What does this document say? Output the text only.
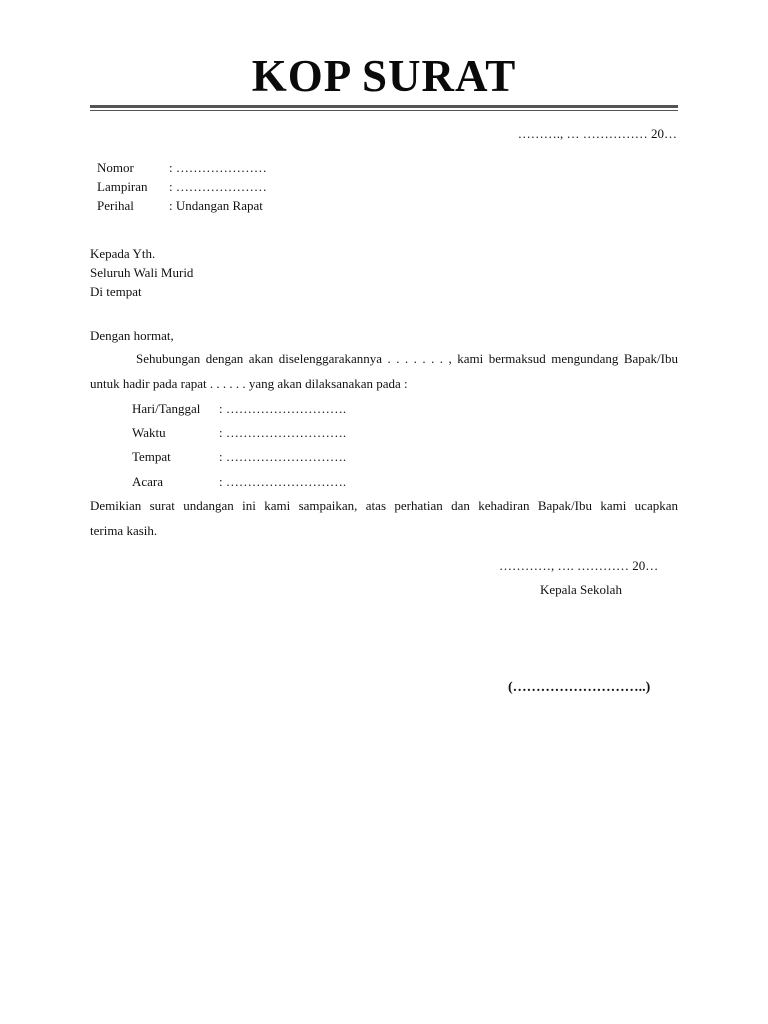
KOP SURAT
………., … …………… 20…
Nomor	: …………………
Lampiran : …………………
Perihal	: Undangan Rapat
Kepada Yth.
Seluruh Wali Murid
Di tempat
Dengan hormat,
Sehubungan dengan akan diselenggarakannya . . . . . . . , kami bermaksud mengundang Bapak/Ibu
untuk hadir pada rapat . . . . . . yang akan dilaksanakan pada :
Hari/Tanggal : ……………………….
Waktu	: ……………………….
Tempat	: ……………………….
Acara	: ……………………….
Demikian surat undangan ini kami sampaikan, atas perhatian dan kehadiran Bapak/Ibu kami ucapkan
terima kasih.
…………, …. ………… 20…
Kepala Sekolah
(………………………..)
